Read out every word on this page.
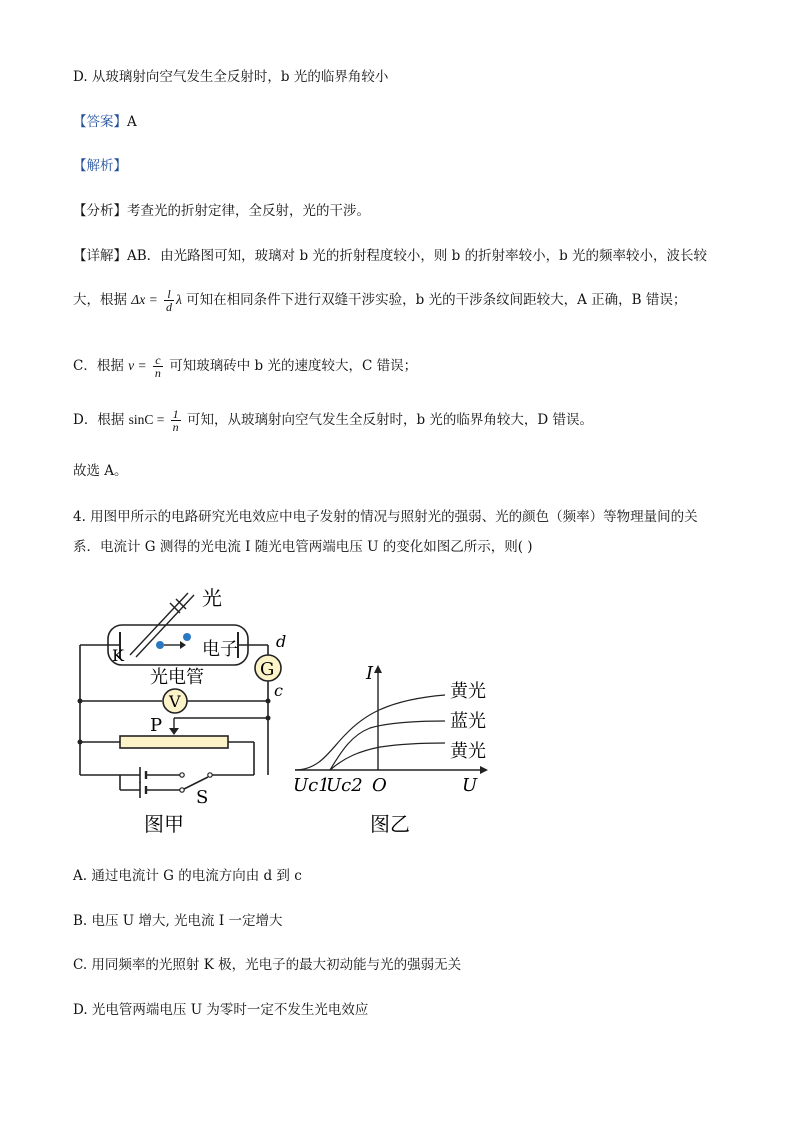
D. 从玻璃射向空气发生全反射时，b 光的临界角较小
【答案】A
【解析】
【分析】考查光的折射定律，全反射，光的干涉。
【详解】AB．由光路图可知，玻璃对 b 光的折射程度较小，则 b 的折射率较小，b 光的频率较小，波长较
大，根据 $\Delta x = \frac{l}{d}$ λ 可知在相同条件下进行双缝干涉实验，b 光的干涉条纹间距较大，A 正确，B 错误；
C．根据 $v = \frac{c}{n}$ 可知玻璃砖中 b 光的速度较大，C 错误；
D．根据 $\sin C = \frac{1}{n}$ 可知，从玻璃射向空气发生全反射时，b 光的临界角较大，D 错误。
故选 A。
4. 用图甲所示的电路研究光电效应中电子发射的情况与照射光的强弱、光的颜色（频率）等物理量间的关
系．电流计 G 测得的光电流 I 随光电管两端电压 U 的变化如图乙所示，则( )
光
电子
K
光电管	G
d
c
V
P
S
图甲
I
U
O
黄光
蓝光
黄光
Uc1
Uc2
图乙
A. 通过电流计 G 的电流方向由 d 到 c
B. 电压 U 增大, 光电流 I 一定增大
C. 用同频率的光照射 K 极，光电子的最大初动能与光的强弱无关
D. 光电管两端电压 U 为零时一定不发生光电效应
